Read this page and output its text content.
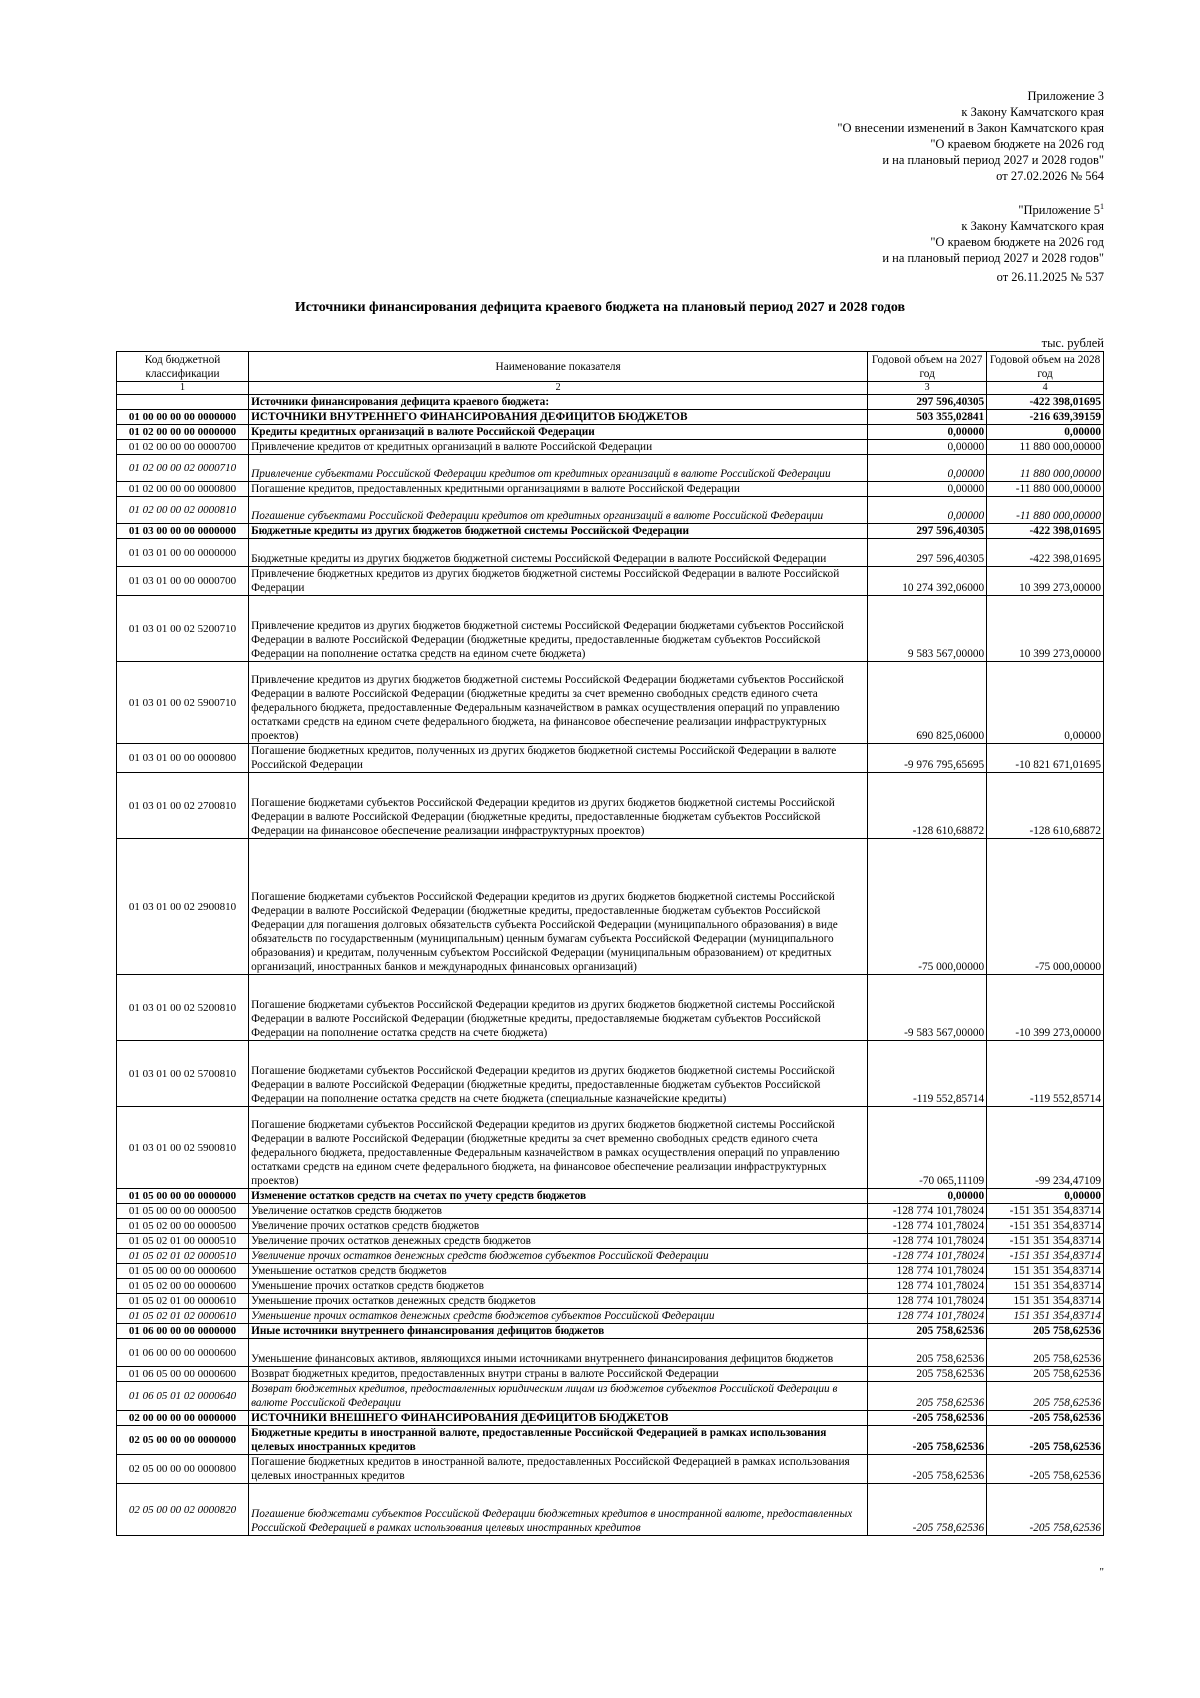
Приложение 3
к Закону Камчатского края
"О внесении изменений в Закон Камчатского края
"О краевом бюджете на 2026 год
и на плановый период 2027 и 2028 годов"
от 27.02.2026 № 564
"Приложение $5^1$
к Закону Камчатского края
"О краевом бюджете на 2026 год
и на плановый период 2027 и 2028 годов"
от 26.11.2025 № 537
Источники финансирования дефицита краевого бюджета на плановый период 2027 и 2028 годов
тыс. рублей
Код бюджетной классификации	Наименование показателя	Годовой объем на 2027 год	Годовой объем на 2028 год
1	2	3	4
	Источники финансирования дефицита краевого бюджета:	297 596,40305	-422 398,01695
01 00 00 00 00 0000000	ИСТОЧНИКИ ВНУТРЕННЕГО ФИНАНСИРОВАНИЯ ДЕФИЦИТОВ БЮДЖЕТОВ	503 355,02841	-216 639,39159
01 02 00 00 00 0000000	Кредиты кредитных организаций в валюте Российской Федерации	0,00000	0,00000
01 02 00 00 00 0000700	Привлечение кредитов от кредитных организаций в валюте Российской Федерации	0,00000	11 880 000,00000
01 02 00 00 02 0000710	Привлечение субъектами Российской Федерации кредитов от кредитных организаций в валюте Российской Федерации	0,00000	11 880 000,00000
01 02 00 00 00 0000800	Погашение кредитов, предоставленных кредитными организациями в валюте Российской Федерации	0,00000	-11 880 000,00000
01 02 00 00 02 0000810	Погашение субъектами Российской Федерации кредитов от кредитных организаций в валюте Российской Федерации	0,00000	-11 880 000,00000
01 03 00 00 00 0000000	Бюджетные кредиты из других бюджетов бюджетной системы Российской Федерации	297 596,40305	-422 398,01695
01 03 01 00 00 0000000	Бюджетные кредиты из других бюджетов бюджетной системы Российской Федерации в валюте Российской Федерации	297 596,40305	-422 398,01695
01 03 01 00 00 0000700	Привлечение бюджетных кредитов из других бюджетов бюджетной системы Российской Федерации в валюте Российской Федерации	10 274 392,06000	10 399 273,00000
01 03 01 00 02 5200710	Привлечение кредитов из других бюджетов бюджетной системы Российской Федерации бюджетами субъектов Российской Федерации в валюте Российской Федерации (бюджетные кредиты, предоставленные бюджетам субъектов Российской Федерации на пополнение остатка средств на едином счете бюджета)	9 583 567,00000	10 399 273,00000
01 03 01 00 02 5900710	Привлечение кредитов из других бюджетов бюджетной системы Российской Федерации бюджетами субъектов Российской Федерации в валюте Российской Федерации (бюджетные кредиты за счет временно свободных средств единого счета федерального бюджета, предоставленные Федеральным казначейством в рамках осуществления операций по управлению остатками средств на едином счете федерального бюджета, на финансовое обеспечение реализации инфраструктурных проектов)	690 825,06000	0,00000
01 03 01 00 00 0000800	Погашение бюджетных кредитов, полученных из других бюджетов бюджетной системы Российской Федерации в валюте Российской Федерации	-9 976 795,65695	-10 821 671,01695
01 03 01 00 02 2700810	Погашение бюджетами субъектов Российской Федерации кредитов из других бюджетов бюджетной системы Российской Федерации в валюте Российской Федерации (бюджетные кредиты, предоставленные бюджетам субъектов Российской Федерации на финансовое обеспечение реализации инфраструктурных проектов)	-128 610,68872	-128 610,68872
01 03 01 00 02 2900810	Погашение бюджетами субъектов Российской Федерации кредитов из других бюджетов бюджетной системы Российской Федерации в валюте Российской Федерации (бюджетные кредиты, предоставленные бюджетам субъектов Российской Федерации для погашения долговых обязательств субъекта Российской Федерации (муниципального образования) в виде обязательств по государственным (муниципальным) ценным бумагам субъекта Российской Федерации (муниципального образования) и кредитам, полученным субъектом Российской Федерации (муниципальным образованием) от кредитных организаций, иностранных банков и международных финансовых организаций)	-75 000,00000	-75 000,00000
01 03 01 00 02 5200810	Погашение бюджетами субъектов Российской Федерации кредитов из других бюджетов бюджетной системы Российской Федерации в валюте Российской Федерации (бюджетные кредиты, предоставляемые бюджетам субъектов Российской Федерации на пополнение остатка средств на счете бюджета)	-9 583 567,00000	-10 399 273,00000
01 03 01 00 02 5700810	Погашение бюджетами субъектов Российской Федерации кредитов из других бюджетов бюджетной системы Российской Федерации в валюте Российской Федерации (бюджетные кредиты, предоставленные бюджетам субъектов Российской Федерации на пополнение остатка средств на счете бюджета (специальные казначейские кредиты)	-119 552,85714	-119 552,85714
01 03 01 00 02 5900810	Погашение бюджетами субъектов Российской Федерации кредитов из других бюджетов бюджетной системы Российской Федерации в валюте Российской Федерации (бюджетные кредиты за счет временно свободных средств единого счета федерального бюджета, предоставленные Федеральным казначейством в рамках осуществления операций по управлению остатками средств на едином счете федерального бюджета, на финансовое обеспечение реализации инфраструктурных проектов)	-70 065,11109	-99 234,47109
01 05 00 00 00 0000000	Изменение остатков средств на счетах по учету средств бюджетов	0,00000	0,00000
01 05 00 00 00 0000500	Увеличение остатков средств бюджетов	-128 774 101,78024	-151 351 354,83714
01 05 02 00 00 0000500	Увеличение прочих остатков средств бюджетов	-128 774 101,78024	-151 351 354,83714
01 05 02 01 00 0000510	Увеличение прочих остатков денежных средств бюджетов	-128 774 101,78024	-151 351 354,83714
01 05 02 01 02 0000510	Увеличение прочих остатков денежных средств бюджетов субъектов Российской Федерации	-128 774 101,78024	-151 351 354,83714
01 05 00 00 00 0000600	Уменьшение остатков средств бюджетов	128 774 101,78024	151 351 354,83714
01 05 02 00 00 0000600	Уменьшение прочих остатков средств бюджетов	128 774 101,78024	151 351 354,83714
01 05 02 01 00 0000610	Уменьшение прочих остатков денежных средств бюджетов	128 774 101,78024	151 351 354,83714
01 05 02 01 02 0000610	Уменьшение прочих остатков денежных средств бюджетов субъектов Российской Федерации	128 774 101,78024	151 351 354,83714
01 06 00 00 00 0000000	Иные источники внутреннего финансирования дефицитов бюджетов	205 758,62536	205 758,62536
01 06 00 00 00 0000600	Уменьшение финансовых активов, являющихся иными источниками внутреннего финансирования дефицитов бюджетов	205 758,62536	205 758,62536
01 06 05 00 00 0000600	Возврат бюджетных кредитов, предоставленных внутри страны в валюте Российской Федерации	205 758,62536	205 758,62536
01 06 05 01 02 0000640	Возврат бюджетных кредитов, предоставленных юридическим лицам из бюджетов субъектов Российской Федерации в валюте Российской Федерации	205 758,62536	205 758,62536
02 00 00 00 00 0000000	ИСТОЧНИКИ ВНЕШНЕГО ФИНАНСИРОВАНИЯ ДЕФИЦИТОВ БЮДЖЕТОВ	-205 758,62536	-205 758,62536
02 05 00 00 00 0000000	Бюджетные кредиты в иностранной валюте, предоставленные Российской Федерацией в рамках использования целевых иностранных кредитов	-205 758,62536	-205 758,62536
02 05 00 00 00 0000800	Погашение бюджетных кредитов в иностранной валюте, предоставленных Российской Федерацией в рамках использования целевых иностранных кредитов	-205 758,62536	-205 758,62536
02 05 00 00 02 0000820	Погашение бюджетами субъектов Российской Федерации бюджетных кредитов в иностранной валюте, предоставленных Российской Федерацией в рамках использования целевых иностранных кредитов	-205 758,62536	-205 758,62536
"
